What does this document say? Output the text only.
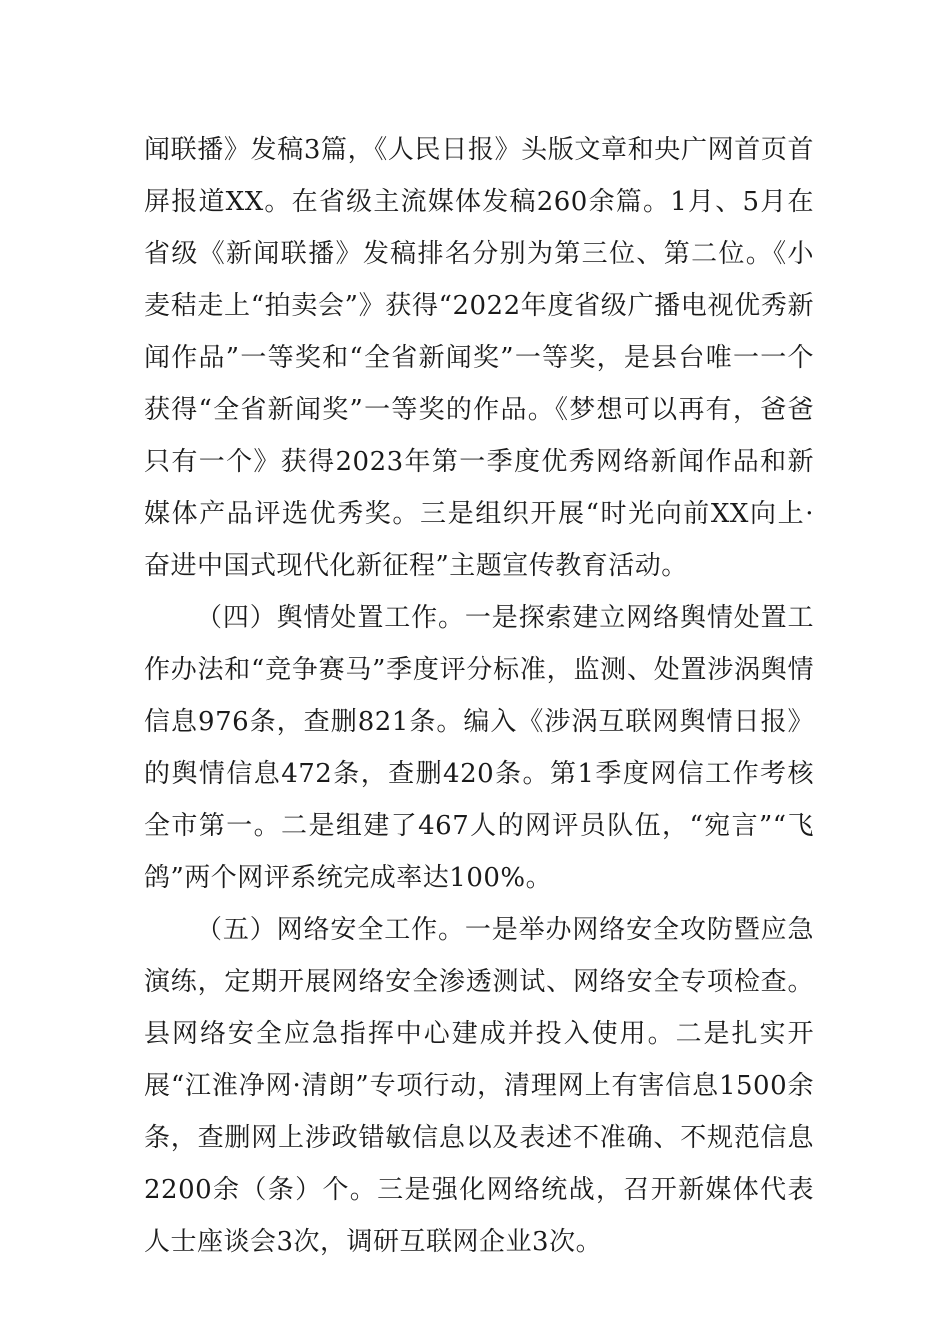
闻联播》发稿3篇，《人民日报》头版文章和央广网首页首屏报道XX。在省级主流媒体发稿260余篇。1月、5月在省级《新闻联播》发稿排名分别为第三位、第二位。《小麦秸走上“拍卖会”》获得“2022年度省级广播电视优秀新闻作品”一等奖和“全省新闻奖”一等奖，是县台唯一一个获得“全省新闻奖”一等奖的作品。《梦想可以再有，爸爸只有一个》获得2023年第一季度优秀网络新闻作品和新媒体产品评选优秀奖。三是组织开展“时光向前XX向上·奋进中国式现代化新征程”主题宣传教育活动。

（四）舆情处置工作。一是探索建立网络舆情处置工作办法和“竞争赛马”季度评分标准，监测、处置涉涡舆情信息976条，查删821条。编入《涉涡互联网舆情日报》的舆情信息472条，查删420条。第1季度网信工作考核全市第一。二是组建了467人的网评员队伍，“宛言”“飞鸽”两个网评系统完成率达100%。

（五）网络安全工作。一是举办网络安全攻防暨应急演练，定期开展网络安全渗透测试、网络安全专项检查。县网络安全应急指挥中心建成并投入使用。二是扎实开展“江淮净网·清朗”专项行动，清理网上有害信息1500余条，查删网上涉政错敏信息以及表述不准确、不规范信息2200余（条）个。三是强化网络统战，召开新媒体代表人士座谈会3次，调研互联网企业3次。
